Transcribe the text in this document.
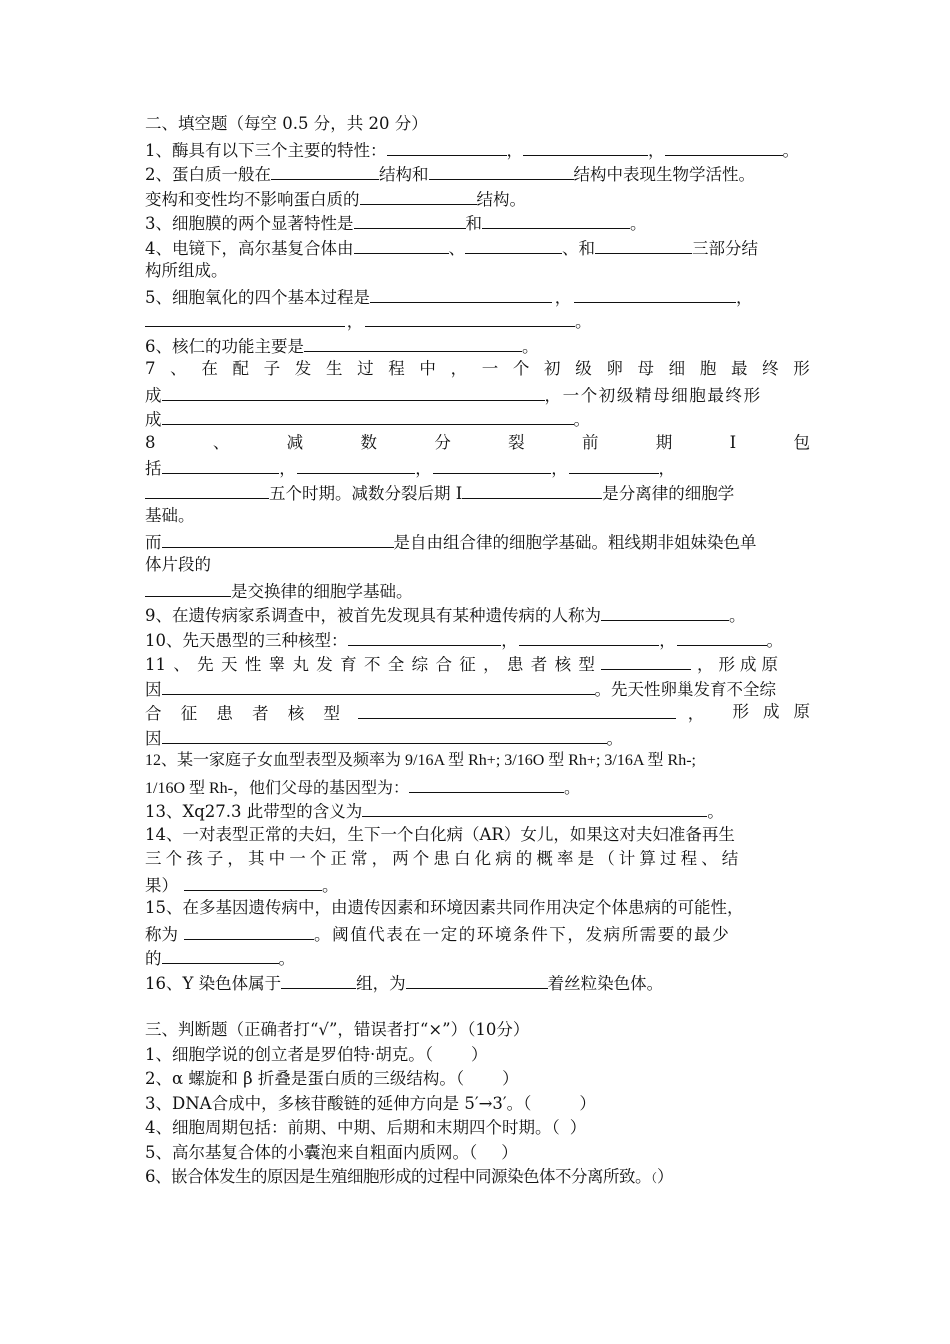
二、填空题（每空 0.5 分，共 20 分）
1、酶具有以下三个主要的特性：	，	，	。
2、蛋白质一般在	结构和	结构中表现生物学活性。
变构和变性均不影响蛋白质的	结构。
3、细胞膜的两个显著特性是	和	。
4、电镜下，高尔基复合体由	、	、和	三部分结
构所组成。
5、细胞氧化的四个基本过程是	，	，
，	。
6、核仁的功能主要是	。
7 、 在 配 子 发 生 过 程 中 ， 一 个 初 级 卵 母 细 胞 最 终 形
成	，一个初级精母细胞最终形
成	。
8	、	减	数	分	裂	前	期	I	包
括	，	，	，	，
五个时期。减数分裂后期 I	是分离律的细胞学
基础。
而	是自由组合律的细胞学基础。粗线期非姐妹染色单
体片段的
是交换律的细胞学基础。
9、在遗传病家系调查中，被首先发现具有某种遗传病的人称为	。
10、先天愚型的三种核型：	，	，	。
11 、 先 天 性 睾 丸 发 育 不 全 综 合 征 ， 患 者 核 型	，形成原
因	。先天性卵巢发育不全综
合 征 患 者 核 型	， 形成原
因	。
12、某一家庭子女血型表型及频率为 9/16A 型 Rh+; 3/16O 型 Rh+; 3/16A 型 Rh-;
1/16O 型 Rh-，他们父母的基因型为：	。
13、Xq27.3 此带型的含义为	。
14、一对表型正常的夫妇，生下一个白化病（AR）女儿，如果这对夫妇准备再生
三个孩子，其中一个正常，两个患白化病的概率是（计算过程、结
果）	。
15、在多基因遗传病中，由遗传因素和环境因素共同作用决定个体患病的可能性，
称为	。阈值代表在一定的环境条件下，发病所需要的最少
的	。
16、Y 染色体属于	组，为	着丝粒染色体。
三、判断题（正确者打“√”，错误者打“×”）（10分）
1、细胞学说的创立者是罗伯特·胡克。（ ）
2、α 螺旋和 β 折叠是蛋白质的三级结构。（ ）
3、DNA合成中，多核苷酸链的延伸方向是 5′→3′。（	）
4、细胞周期包括：前期、中期、后期和末期四个时期。（ ）
5、高尔基复合体的小囊泡来自粗面内质网。（ ）
6、嵌合体发生的原因是生殖细胞形成的过程中同源染色体不分离所致。（）
